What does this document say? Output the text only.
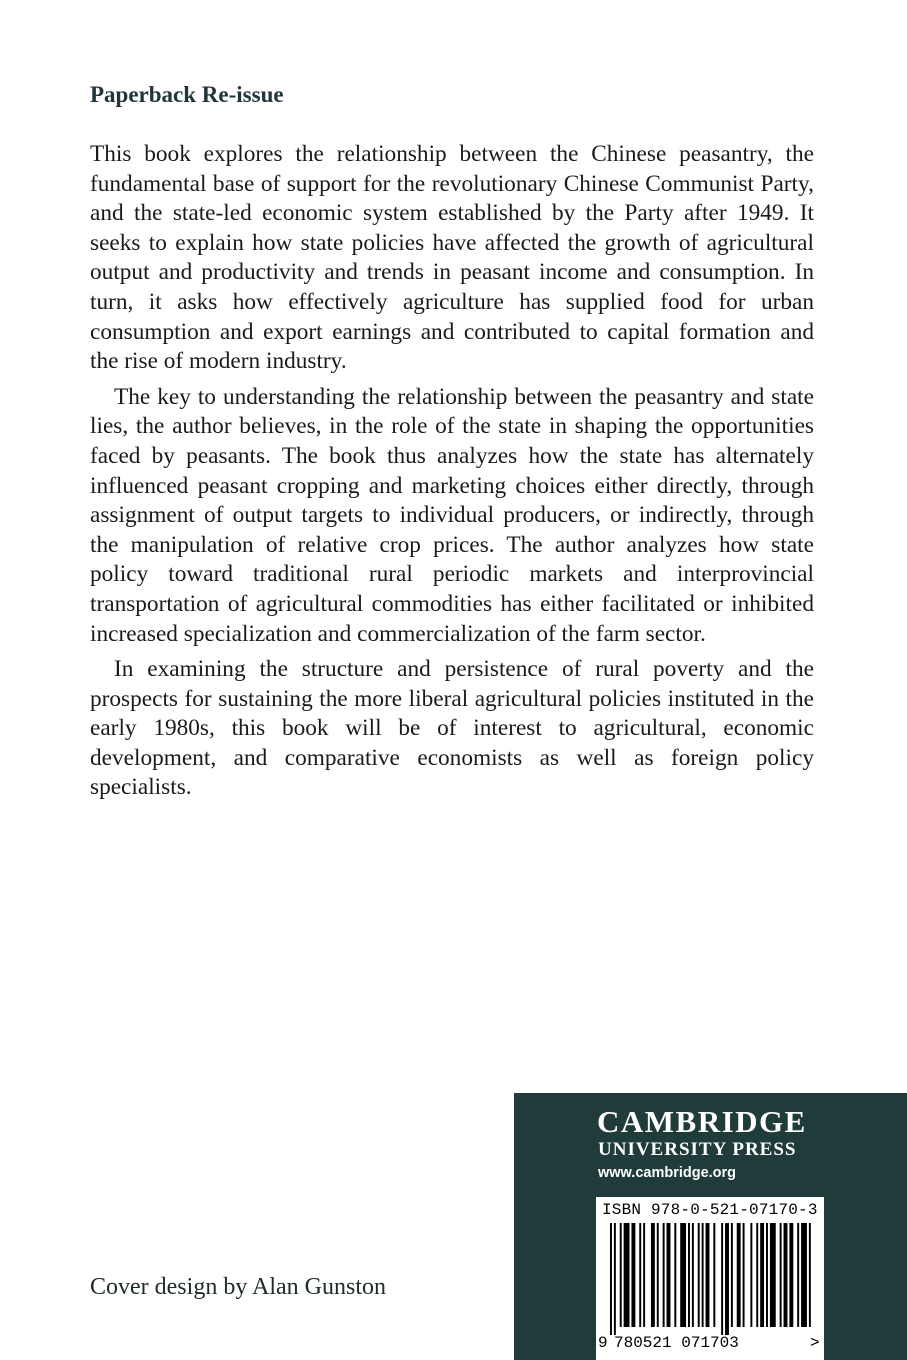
Paperback Re-issue

This book explores the relationship between the Chinese peasantry, the fundamental base of support for the revolutionary Chinese Communist Party, and the state-led economic system established by the Party after 1949. It seeks to explain how state policies have affected the growth of agricultural output and productivity and trends in peasant income and consumption. In turn, it asks how effectively agriculture has supplied food for urban consumption and export earnings and contributed to capital formation and the rise of modern industry.

The key to understanding the relationship between the peasantry and state lies, the author believes, in the role of the state in shaping the opportunities faced by peasants. The book thus analyzes how the state has alternately influenced peasant cropping and marketing choices either directly, through assignment of output targets to individual producers, or indirectly, through the manipulation of relative crop prices. The author analyzes how state policy toward traditional rural periodic markets and interprovincial transportation of agricultural commodities has either facilitated or inhibited increased specialization and commercialization of the farm sector.

In examining the structure and persistence of rural poverty and the prospects for sustaining the more liberal agricultural policies instituted in the early 1980s, this book will be of interest to agricultural, economic development, and comparative economists as well as foreign policy specialists.

Cover design by Alan Gunston
CAMBRIDGE
UNIVERSITY PRESS
www.cambridge.org
ISBN 978-0-521-07170-3
9 780521 071703	>
